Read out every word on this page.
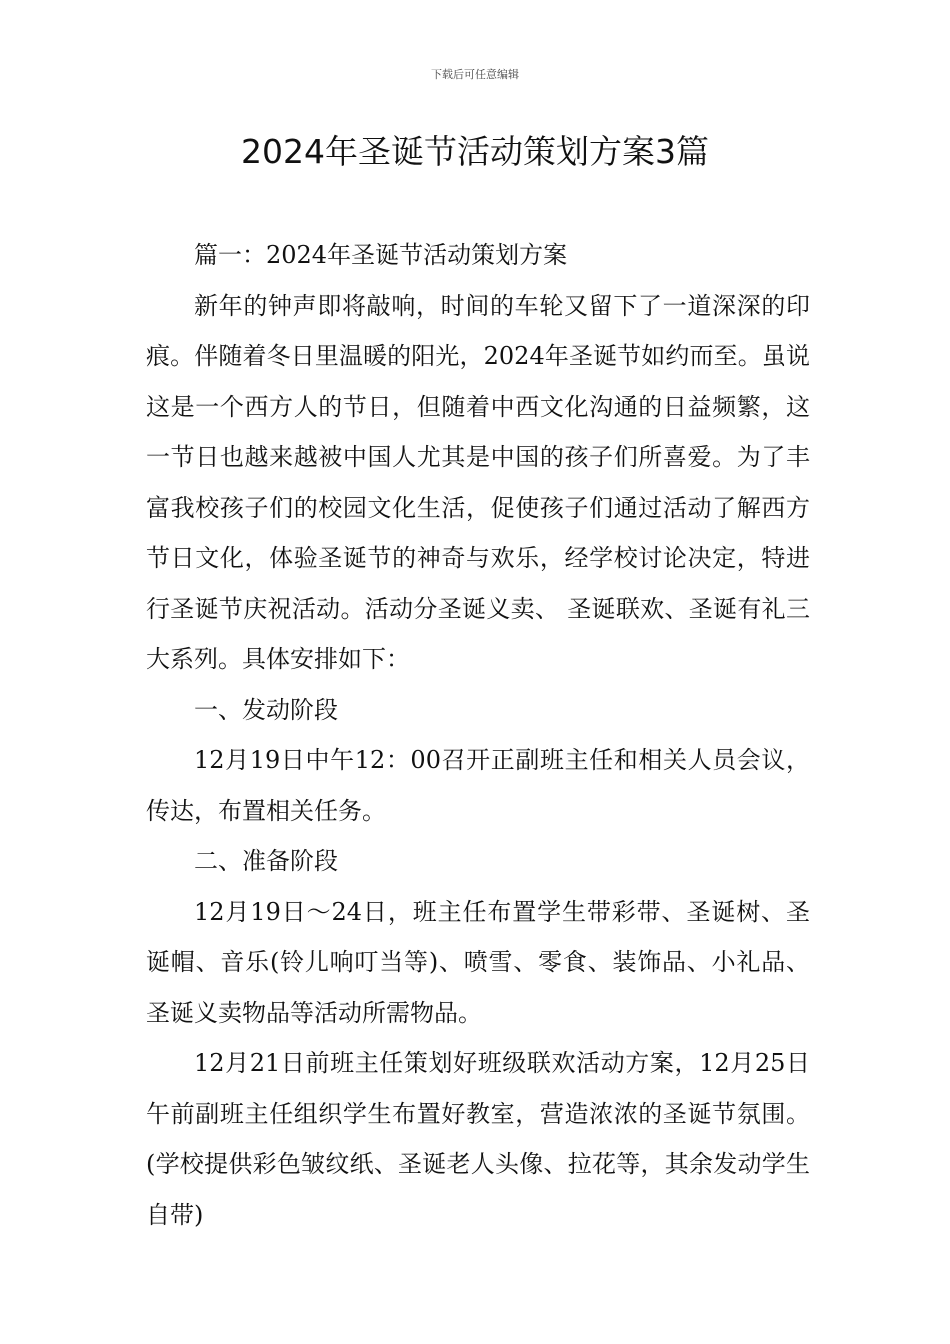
下载后可任意编辑
2024年圣诞节活动策划方案3篇

篇一：2024年圣诞节活动策划方案

新年的钟声即将敲响，时间的车轮又留下了一道深深的印痕。伴随着冬日里温暖的阳光，2024年圣诞节如约而至。虽说这是一个西方人的节日，但随着中西文化沟通的日益频繁，这一节日也越来越被中国人尤其是中国的孩子们所喜爱。为了丰富我校孩子们的校园文化生活，促使孩子们通过活动了解西方节日文化，体验圣诞节的神奇与欢乐，经学校讨论决定，特进行圣诞节庆祝活动。活动分圣诞义卖、 圣诞联欢、圣诞有礼三大系列。具体安排如下：

一、发动阶段

12月19日中午12：00召开正副班主任和相关人员会议，传达，布置相关任务。

二、准备阶段

12月19日～24日，班主任布置学生带彩带、圣诞树、圣诞帽、音乐(铃儿响叮当等)、喷雪、零食、装饰品、小礼品、圣诞义卖物品等活动所需物品。

12月21日前班主任策划好班级联欢活动方案，12月25日午前副班主任组织学生布置好教室，营造浓浓的圣诞节氛围。(学校提供彩色皱纹纸、圣诞老人头像、拉花等，其余发动学生自带)
